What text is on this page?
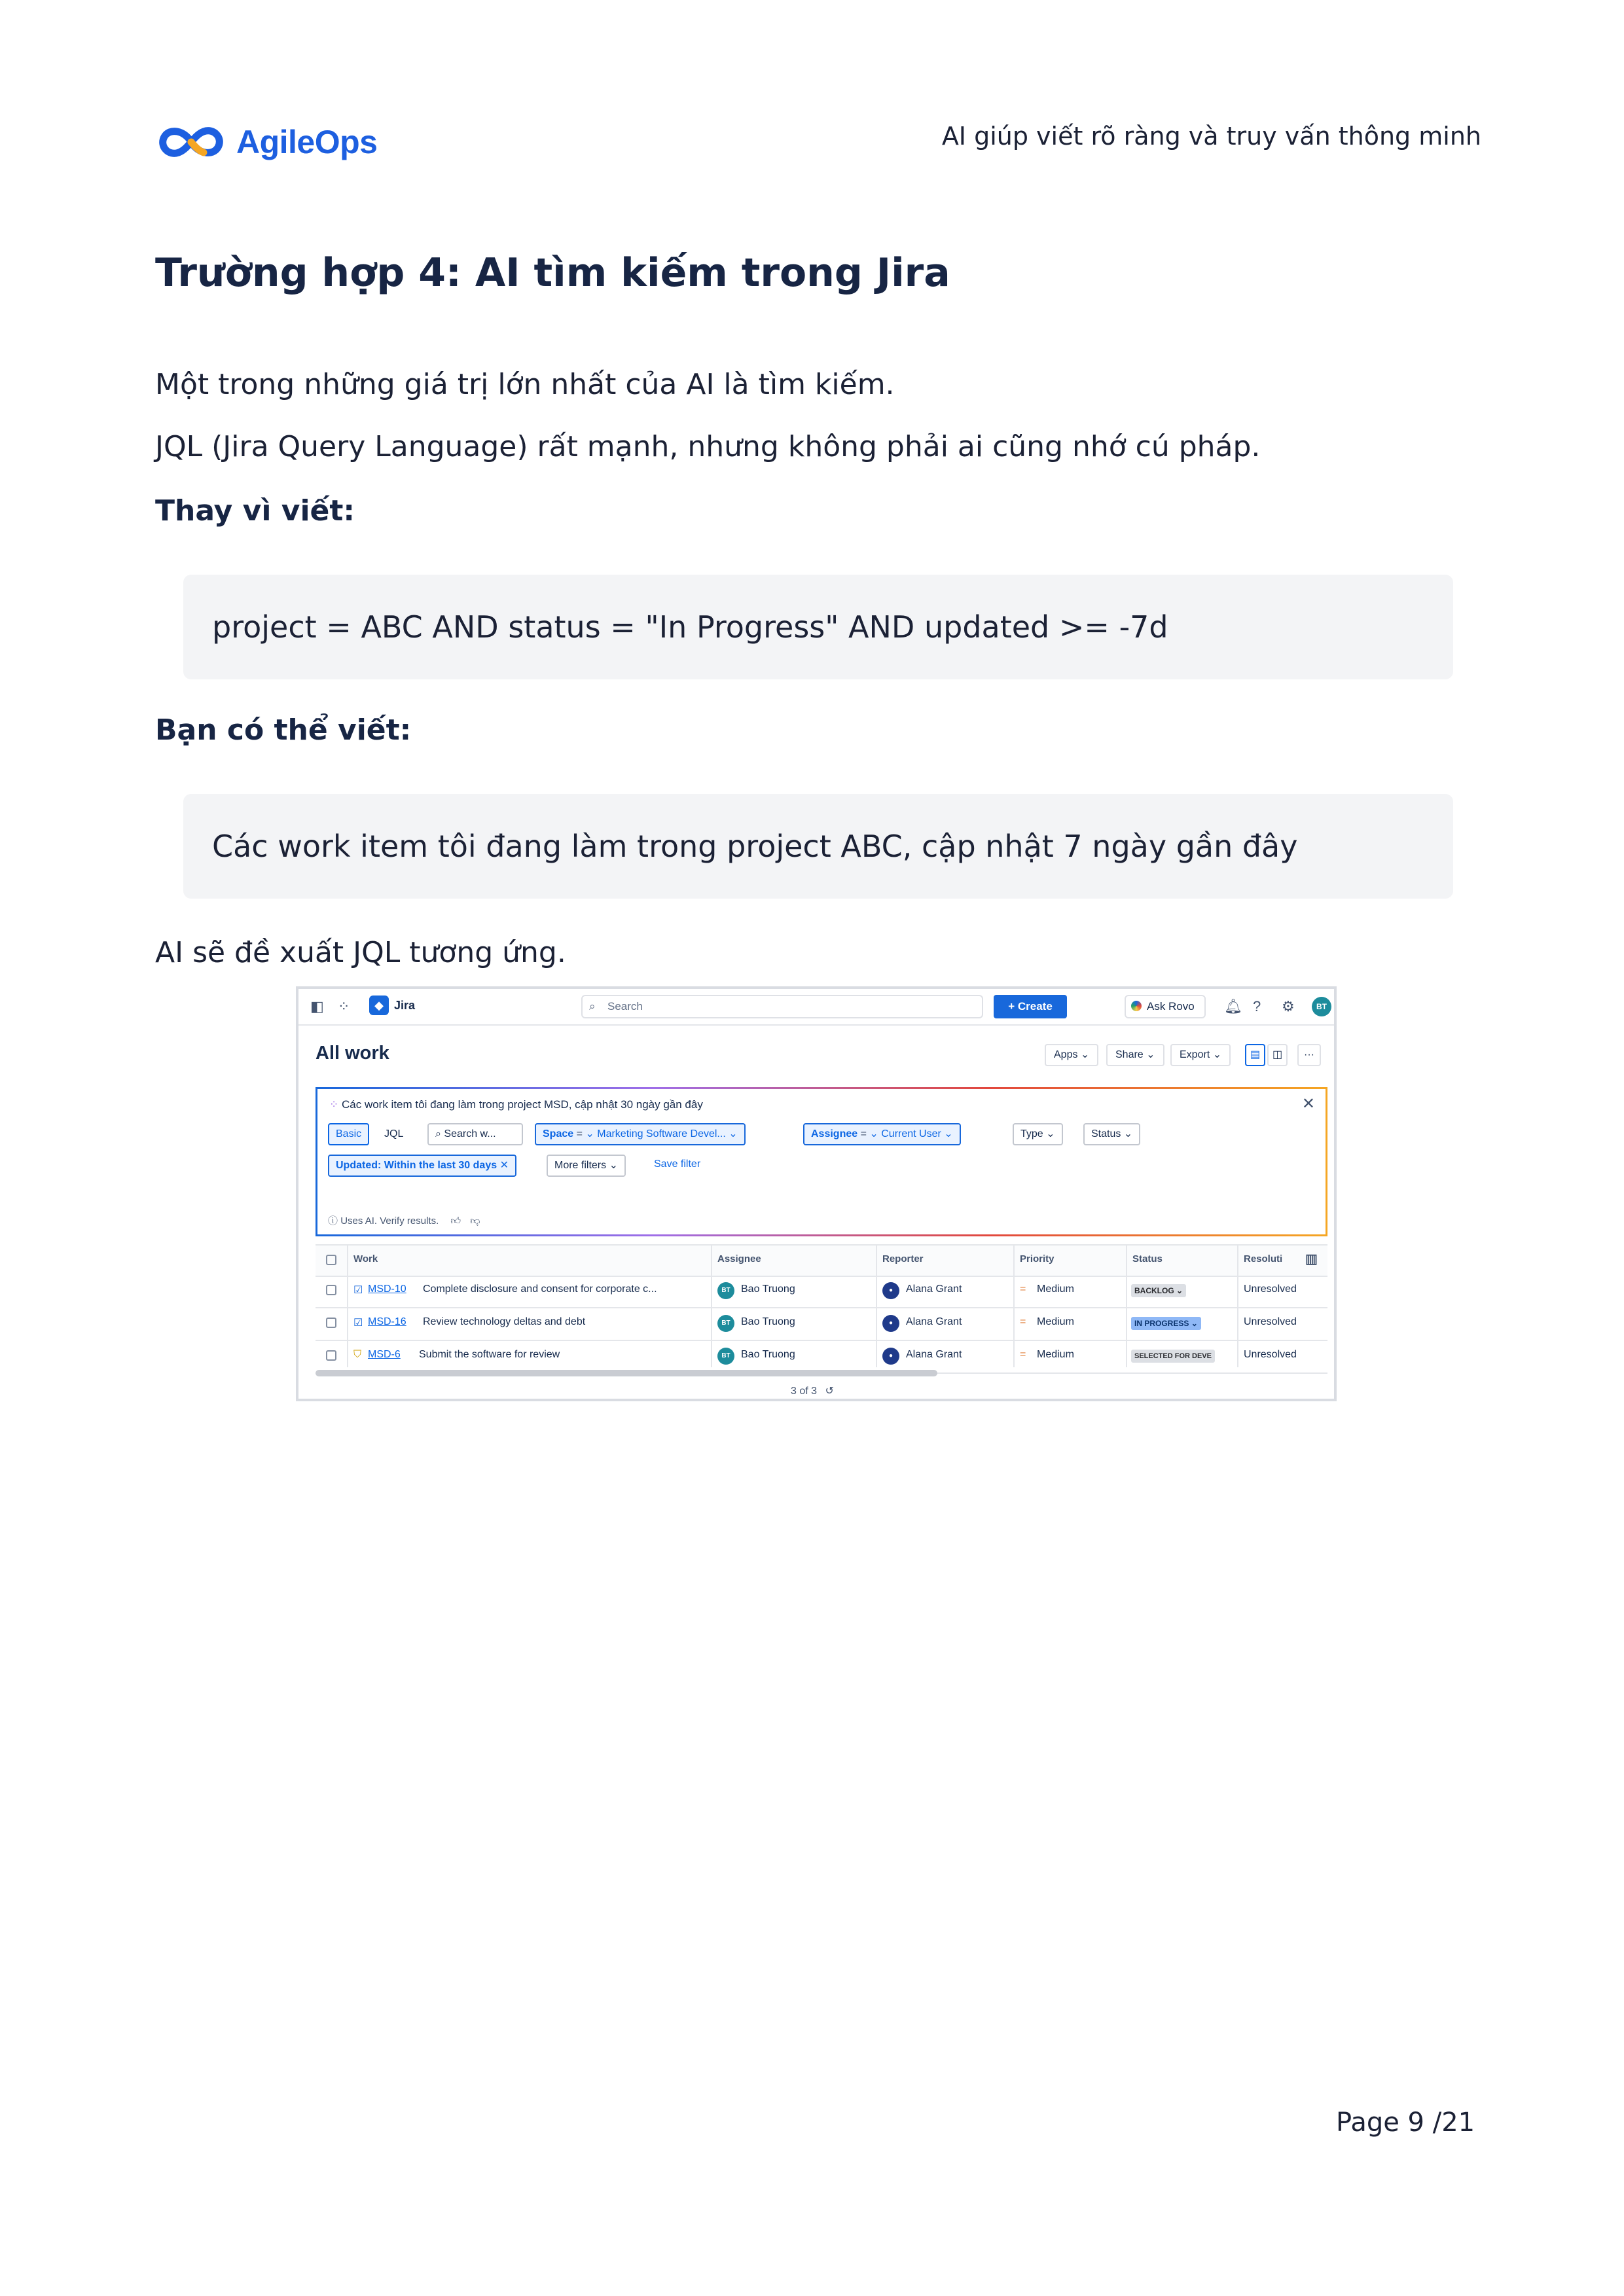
AgileOps	AI giúp viết rõ ràng và truy vấn thông minh
Trường hợp 4: AI tìm kiếm trong Jira
Một trong những giá trị lớn nhất của AI là tìm kiếm.
JQL (Jira Query Language) rất mạnh, nhưng không phải ai cũng nhớ cú pháp.
Thay vì viết:
project = ABC AND status = "In Progress" AND updated >= -7d
Bạn có thể viết:
Các work item tôi đang làm trong project ABC, cập nhật 7 ngày gần đây
AI sẽ đề xuất JQL tương ứng.
◧ ⁘	◆ Jira	⌕ Search	+ Create	Ask Rovo	🔔︎ ? ⚙	BT
All work	Apps ⌄	Share ⌄	Export ⌄	▤	◫	···
⁘ Các work item tôi đang làm trong project MSD, cập nhật 30 ngày gần đây	✕
Basic	JQL	⌕ Search w...	Space = ⌄ Marketing Software Devel... ⌄	Assignee = ⌄ Current User ⌄	Type ⌄	Status ⌄
Updated: Within the last 30 days ✕	More filters ⌄	Save filter
ⓘ Uses AI. Verify results. 👍︎ 👎︎
Work	Assignee	Reporter	Priority	Status	Resoluti ▥
☑ MSD-10 Complete disclosure and consent for corporate c...	BT	Bao Truong	●	Alana Grant	= Medium	BACKLOG ⌄	Unresolved
☑ MSD-16 Review technology deltas and debt	BT	Bao Truong	●	Alana Grant	= Medium	IN PROGRESS ⌄	Unresolved
⛉ MSD-6 Submit the software for review	BT	Bao Truong	●	Alana Grant	= Medium	SELECTED FOR DEVE	Unresolved
3 of 3 ↺
Page 9 /21
